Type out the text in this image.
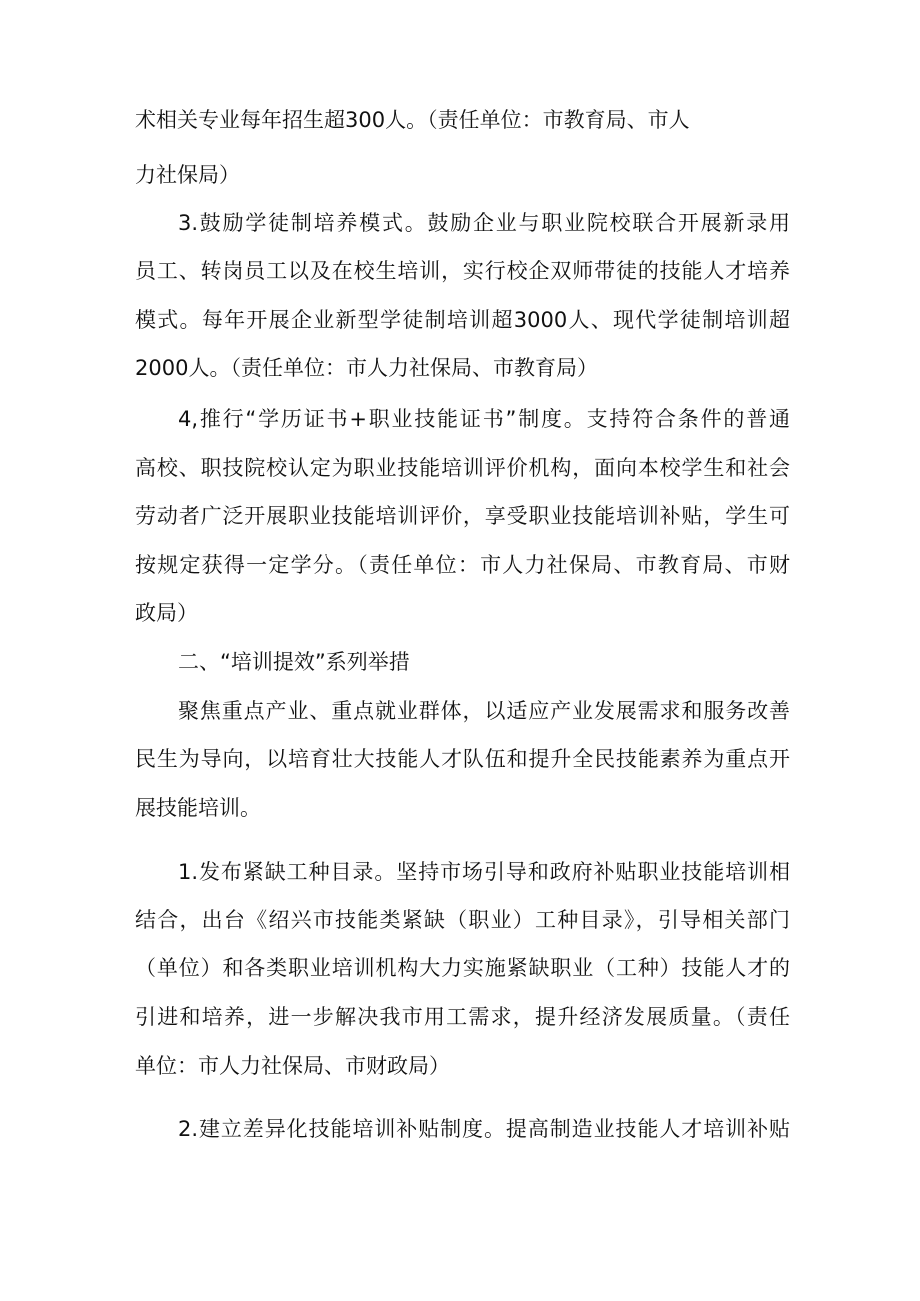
术相关专业每年招生超300人。（责任单位：市教育局、市人

力社保局）

3.鼓励学徒制培养模式。鼓励企业与职业院校联合开展新录用

员工、转岗员工以及在校生培训，实行校企双师带徒的技能人才培养

模式。每年开展企业新型学徒制培训超3000人、现代学徒制培训超

2000人。（责任单位：市人力社保局、市教育局）

4,推行“学历证书+职业技能证书”制度。支持符合条件的普通

高校、职技院校认定为职业技能培训评价机构，面向本校学生和社会

劳动者广泛开展职业技能培训评价，享受职业技能培训补贴，学生可

按规定获得一定学分。（责任单位：市人力社保局、市教育局、市财

政局）

二、“培训提效”系列举措

聚焦重点产业、重点就业群体，以适应产业发展需求和服务改善

民生为导向，以培育壮大技能人才队伍和提升全民技能素养为重点开

展技能培训。

1.发布紧缺工种目录。坚持市场引导和政府补贴职业技能培训相

结合，出台《绍兴市技能类紧缺（职业）工种目录》，引导相关部门

（单位）和各类职业培训机构大力实施紧缺职业（工种）技能人才的

引进和培养，进一步解决我市用工需求，提升经济发展质量。（责任

单位：市人力社保局、市财政局）

2.建立差异化技能培训补贴制度。提高制造业技能人才培训补贴
